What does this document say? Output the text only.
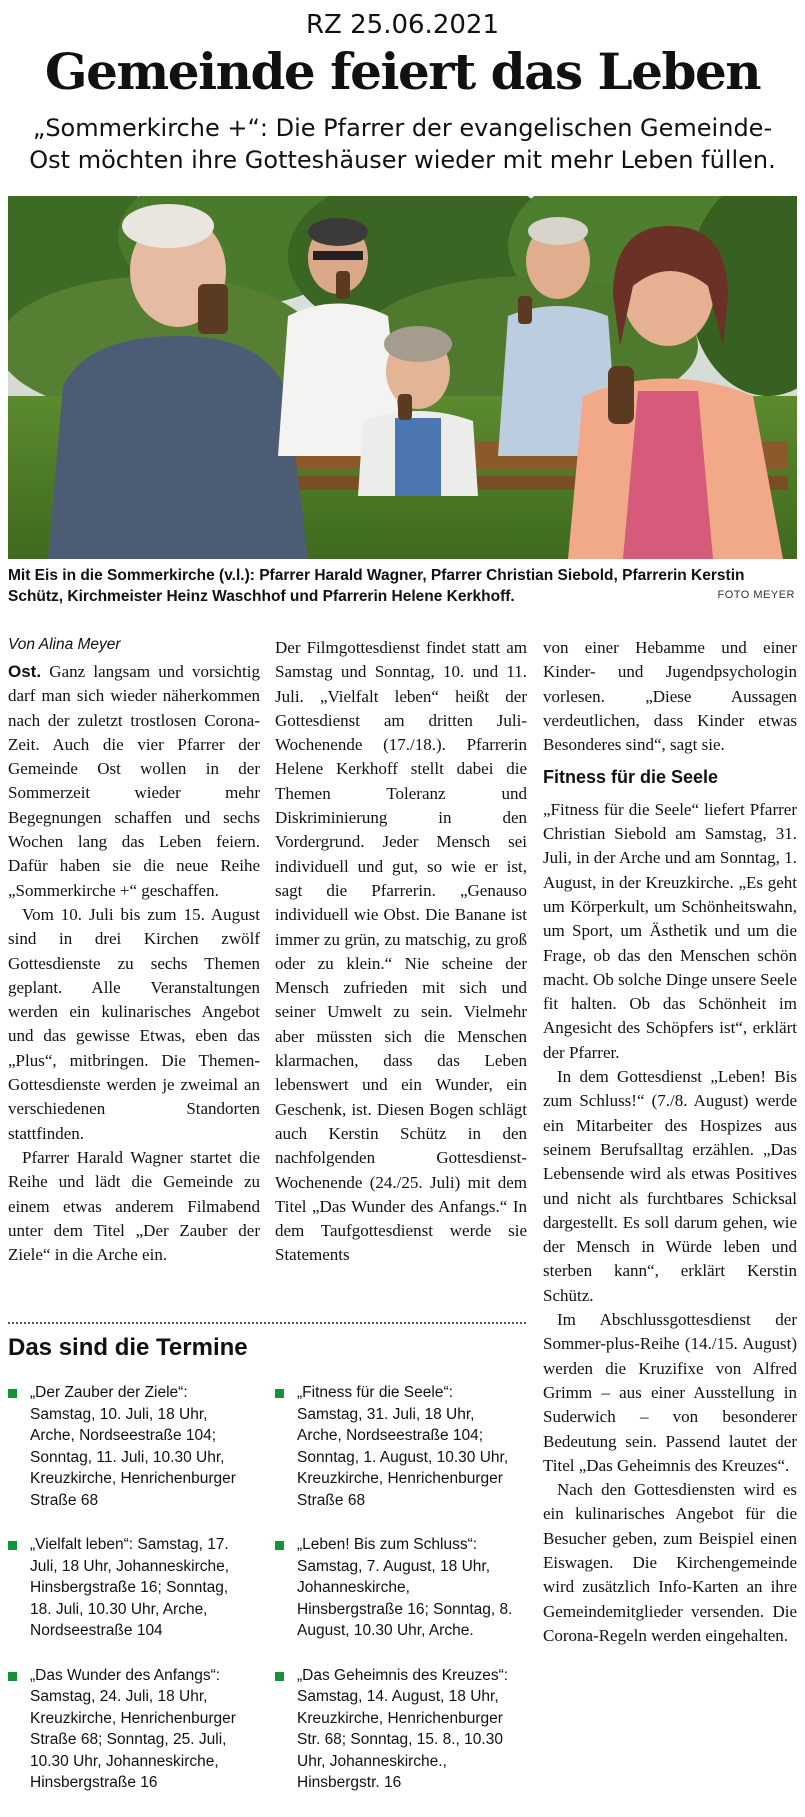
RZ 25.06.2021
Gemeinde feiert das Leben
„Sommerkirche +“: Die Pfarrer der evangelischen Gemeinde-Ost möchten ihre Gotteshäuser wieder mit mehr Leben füllen.
Mit Eis in die Sommerkirche (v.l.): Pfarrer Harald Wagner, Pfarrer Christian Siebold, Pfarrerin Kerstin Schütz, Kirchmeister Heinz Waschhof und Pfarrerin Helene Kerkhoff.	FOTO MEYER
Von Alina Meyer

Ost. Ganz langsam und vorsichtig darf man sich wieder näherkommen nach der zuletzt trostlosen Corona-Zeit. Auch die vier Pfarrer der Gemeinde Ost wollen in der Sommerzeit wieder mehr Begegnungen schaffen und sechs Wochen lang das Leben feiern. Dafür haben sie die neue Reihe „Sommerkirche +“ geschaffen.

Vom 10. Juli bis zum 15. August sind in drei Kirchen zwölf Gottesdienste zu sechs Themen geplant. Alle Veranstaltungen werden ein kulinarisches Angebot und das gewisse Etwas, eben das „Plus“, mitbringen. Die Themen-Gottesdienste werden je zweimal an verschiedenen Standorten stattfinden.

Pfarrer Harald Wagner startet die Reihe und lädt die Gemeinde zu einem etwas anderem Filmabend unter dem Titel „Der Zauber der Ziele“ in die Arche ein.

Der Filmgottesdienst findet statt am Samstag und Sonntag, 10. und 11. Juli. „Vielfalt leben“ heißt der Gottesdienst am dritten Juli-Wochenende (17./18.). Pfarrerin Helene Kerkhoff stellt dabei die Themen Toleranz und Diskriminierung in den Vordergrund. Jeder Mensch sei individuell und gut, so wie er ist, sagt die Pfarrerin. „Genauso individuell wie Obst. Die Banane ist immer zu grün, zu matschig, zu groß oder zu klein.“ Nie scheine der Mensch zufrieden mit sich und seiner Umwelt zu sein. Vielmehr aber müssten sich die Menschen klarmachen, dass das Leben lebenswert und ein Wunder, ein Geschenk, ist. Diesen Bogen schlägt auch Kerstin Schütz in den nachfolgenden Gottesdienst-Wochenende (24./25. Juli) mit dem Titel „Das Wunder des Anfangs.“ In dem Taufgottesdienst werde sie Statements

von einer Hebamme und einer Kinder- und Jugendpsychologin vorlesen. „Diese Aussagen verdeutlichen, dass Kinder etwas Besonderes sind“, sagt sie.

Fitness für die Seele

„Fitness für die Seele“ liefert Pfarrer Christian Siebold am Samstag, 31. Juli, in der Arche und am Sonntag, 1. August, in der Kreuzkirche. „Es geht um Körperkult, um Schönheitswahn, um Sport, um Ästhetik und um die Frage, ob das den Menschen schön macht. Ob solche Dinge unsere Seele fit halten. Ob das Schönheit im Angesicht des Schöpfers ist“, erklärt der Pfarrer.

In dem Gottesdienst „Leben! Bis zum Schluss!“ (7./8. August) werde ein Mitarbeiter des Hospizes aus seinem Berufsalltag erzählen. „Das Lebensende wird als etwas Positives und nicht als furchtbares Schicksal dargestellt. Es soll darum gehen, wie der Mensch in Würde leben und sterben kann“, erklärt Kerstin Schütz.

Im Abschlussgottesdienst der Sommer-plus-Reihe (14./15. August) werden die Kruzifixe von Alfred Grimm – aus einer Ausstellung in Suderwich – von besonderer Bedeutung sein. Passend lautet der Titel „Das Geheimnis des Kreuzes“.

Nach den Gottesdiensten wird es ein kulinarisches Angebot für die Besucher geben, zum Beispiel einen Eiswagen. Die Kirchengemeinde wird zusätzlich Info-Karten an ihre Gemeindemitglieder versenden. Die Corona-Regeln werden eingehalten.

Das sind die Termine
„Der Zauber der Ziele“: Samstag, 10. Juli, 18 Uhr, Arche, Nordseestraße 104; Sonntag, 11. Juli, 10.30 Uhr, Kreuzkirche, Henrichenburger Straße 68
„Vielfalt leben“: Samstag, 17. Juli, 18 Uhr, Johanneskirche, Hinsbergstraße 16; Sonntag, 18. Juli, 10.30 Uhr, Arche, Nordseestraße 104
„Das Wunder des Anfangs“: Samstag, 24. Juli, 18 Uhr, Kreuzkirche, Henrichenburger Straße 68; Sonntag, 25. Juli, 10.30 Uhr, Johanneskirche, Hinsbergstraße 16
„Fitness für die Seele“: Samstag, 31. Juli, 18 Uhr, Arche, Nordseestraße 104; Sonntag, 1. August, 10.30 Uhr, Kreuzkirche, Henrichenburger Straße 68
„Leben! Bis zum Schluss“: Samstag, 7. August, 18 Uhr, Johanneskirche, Hinsbergstraße 16; Sonntag, 8. August, 10.30 Uhr, Arche.
„Das Geheimnis des Kreuzes“: Samstag, 14. August, 18 Uhr, Kreuzkirche, Henrichenburger Str. 68; Sonntag, 15. 8., 10.30 Uhr, Johanneskirche., Hinsbergstr. 16
